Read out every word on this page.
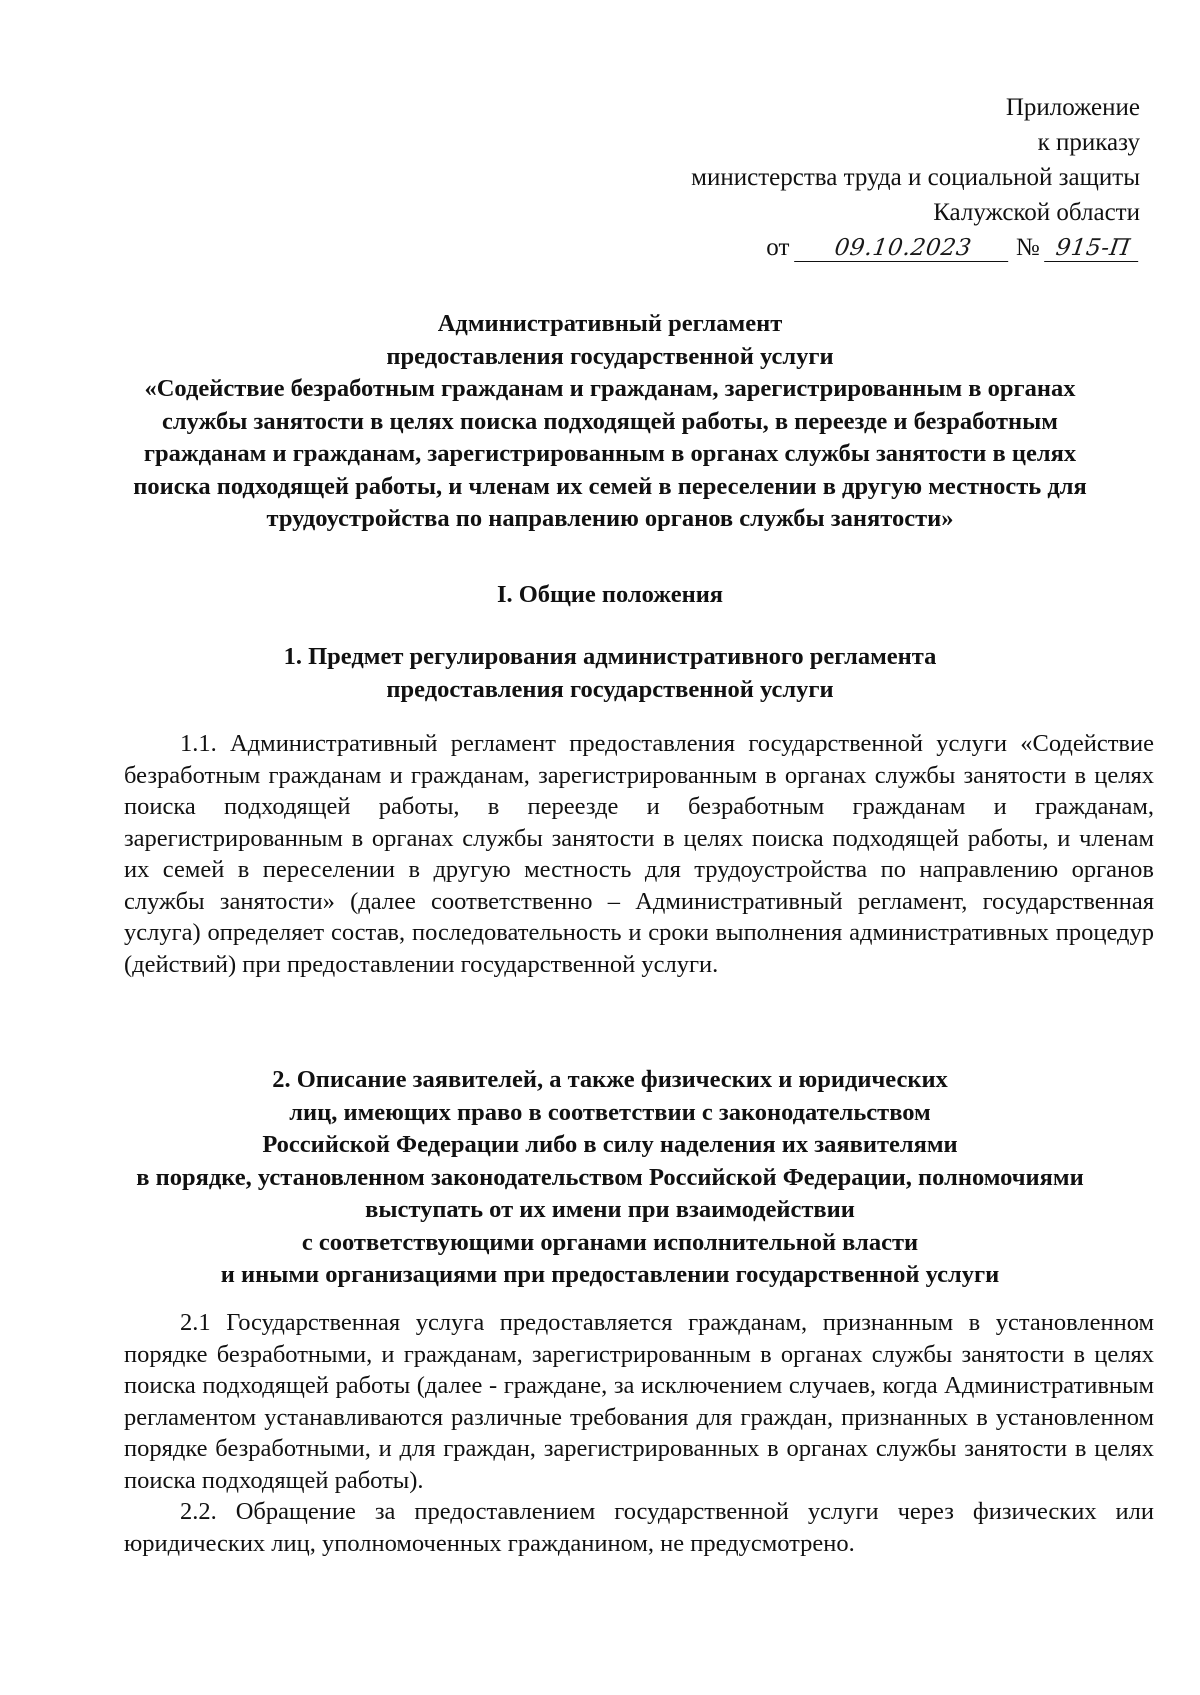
Приложение
к приказу
министерства труда и социальной защиты
Калужской области
от 09.10.2023 № 915-П
Административный регламент
предоставления государственной услуги
«Содействие безработным гражданам и гражданам, зарегистрированным в органах
службы занятости в целях поиска подходящей работы, в переезде и безработным
гражданам и гражданам, зарегистрированным в органах службы занятости в целях
поиска подходящей работы, и членам их семей в переселении в другую местность для
трудоустройства по направлению органов службы занятости»
I. Общие положения
1. Предмет регулирования административного регламента
предоставления государственной услуги

1.1. Административный регламент предоставления государственной услуги «Содействие безработным гражданам и гражданам, зарегистрированным в органах службы занятости в целях поиска подходящей работы, в переезде и безработным гражданам и гражданам, зарегистрированным в органах службы занятости в целях поиска подходящей работы, и членам их семей в переселении в другую местность для трудоустройства по направлению органов службы занятости» (далее соответственно – Административный регламент, государственная услуга) определяет состав, последовательность и сроки выполнения административных процедур (действий) при предоставлении государственной услуги.

2. Описание заявителей, а также физических и юридических
лиц, имеющих право в соответствии с законодательством
Российской Федерации либо в силу наделения их заявителями
в порядке, установленном законодательством Российской Федерации, полномочиями
выступать от их имени при взаимодействии
с соответствующими органами исполнительной власти
и иными организациями при предоставлении государственной услуги

2.1 Государственная услуга предоставляется гражданам, признанным в установленном порядке безработными, и гражданам, зарегистрированным в органах службы занятости в целях поиска подходящей работы (далее - граждане, за исключением случаев, когда Административным регламентом устанавливаются различные требования для граждан, признанных в установленном порядке безработными, и для граждан, зарегистрированных в органах службы занятости в целях поиска подходящей работы).

2.2. Обращение за предоставлением государственной услуги через физических или юридических лиц, уполномоченных гражданином, не предусмотрено.
